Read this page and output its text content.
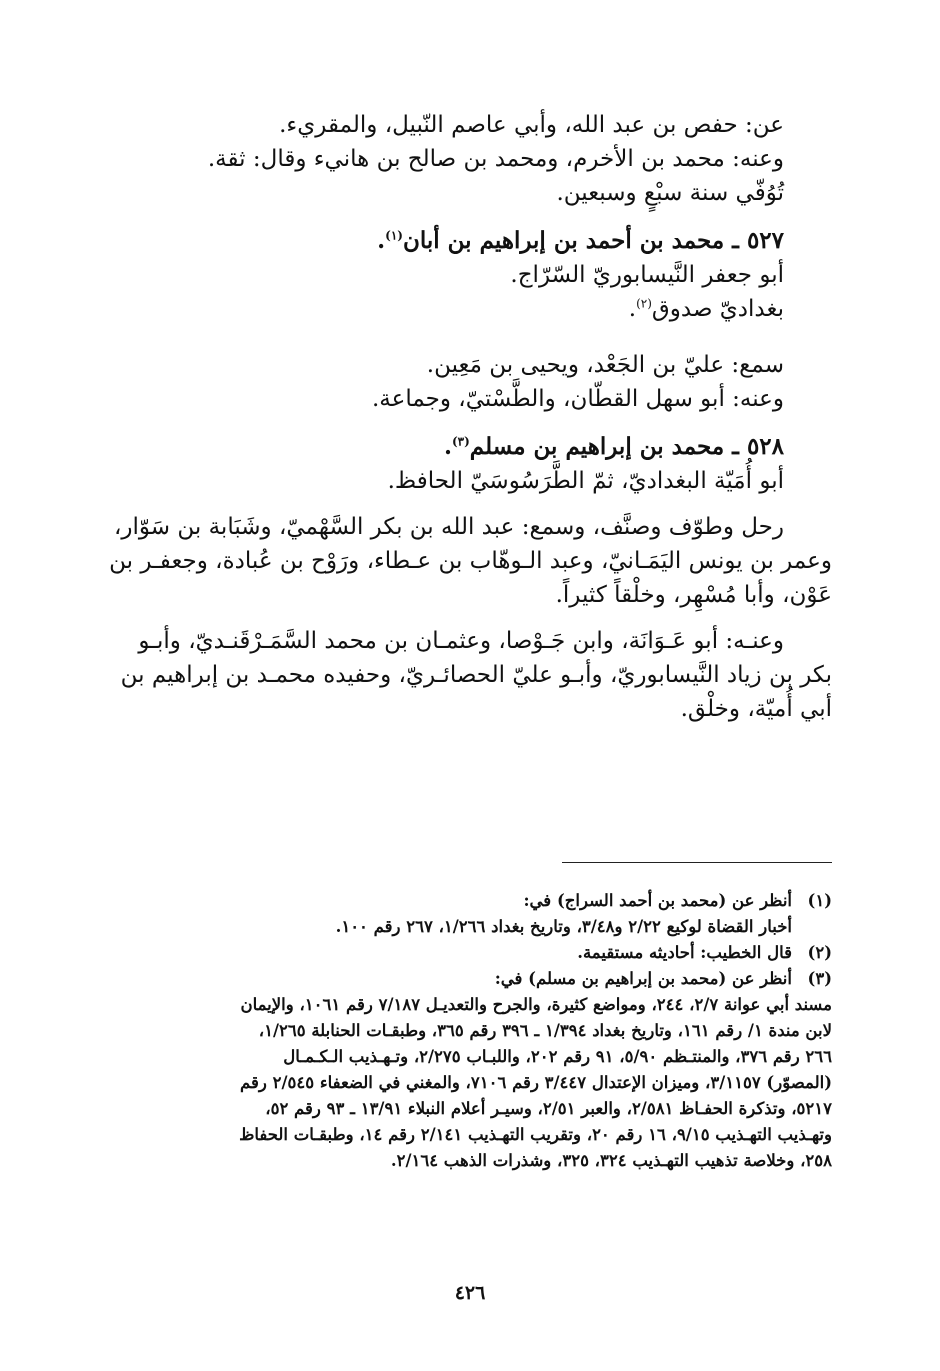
عن: حفص بن عبد الله، وأبي عاصم النّبيل، والمقريء.
وعنه: محمد بن الأخرم، ومحمد بن صالح بن هانيء وقال: ثقة.
تُوُفّي سنة سبْعٍ وسبعين.
٥٢٧ ـ محمد بن أحمد بن إبراهيم بن أبان$^{(١)}$.
أبو جعفر النَّيسابوريّ السّرّاج.
بغداديّ صدوق$^{(٢)}$.
سمع: عليّ بن الجَعْد، ويحيى بن مَعِين.
وعنه: أبو سهل القطّان، والطَّسْتيّ، وجماعة.
٥٢٨ ـ محمد بن إبراهيم بن مسلم$^{(٣)}$.
أبو أُمَيّة البغداديّ، ثمّ الطَّرَسُوسَيّ الحافظ.
رحل وطوّف وصنَّف، وسمع: عبد الله بن بكر السَّهْميّ، وشَبَابة بن سَوّار،
وعمر بن يونس اليَمَـانيّ، وعبد الـوهّاب بن عـطاء، ورَوْح بن عُبادة، وجعفـر بن
عَوْن، وأبا مُسْهِر، وخلْقاً كثيراً.
وعنـه: أبو عَـوَانَة، وابن جَـوْصا، وعثمـان بن محمد السَّمَـرْقَنـديّ، وأبـو
بكر بن زياد النَّيسابوريّ، وأبـو عليّ الحصائـريّ، وحفيده محمـد بن إبراهيم بن
أبي أُميّة، وخلْق.
(١)
أنظر عن (محمد بن أحمد السراج) في:
أخبار القضاة لوكيع ٢/٢٢ و٣/٤٨، وتاريخ بغداد ١/٢٦٦، ٢٦٧ رقم ١٠٠.
(٢)
قال الخطيب: أحاديثه مستقيمة.
(٣)
أنظر عن (محمد بن إبراهيم بن مسلم) في:
مسند أبي عوانة ٢/٧، ٢٤٤، ومواضع كثيرة، والجرح والتعديـل ٧/١٨٧ رقم ١٠٦١، والإيمان
لابن مندة ١/ رقم ١٦١، وتاريخ بغداد ١/٣٩٤ ـ ٣٩٦ رقم ٣٦٥، وطبقـات الحنابلة ١/٢٦٥،
٢٦٦ رقم ٣٧٦، والمنتـظم ٥/٩٠، ٩١ رقم ٢٠٢، واللبـاب ٢/٢٧٥، وتـهـذيب الـكـمـال
(المصوّر) ٣/١١٥٧، وميزان الإعتدال ٣/٤٤٧ رقم ٧١٠٦، والمغني في الضعفاء ٢/٥٤٥ رقم
٥٢١٧، وتذكرة الحفـاظ ٢/٥٨١، والعبر ٢/٥١، وسيـر أعلام النبلاء ١٣/٩١ ـ ٩٣ رقم ٥٢،
وتهـذيب التهـذيب ٩/١٥، ١٦ رقم ٢٠، وتقريب التهـذيب ٢/١٤١ رقم ١٤، وطبقـات الحفاظ
٢٥٨، وخلاصة تذهيب التهـذيب ٣٢٤، ٣٢٥، وشذرات الذهب ٢/١٦٤.
٤٢٦
